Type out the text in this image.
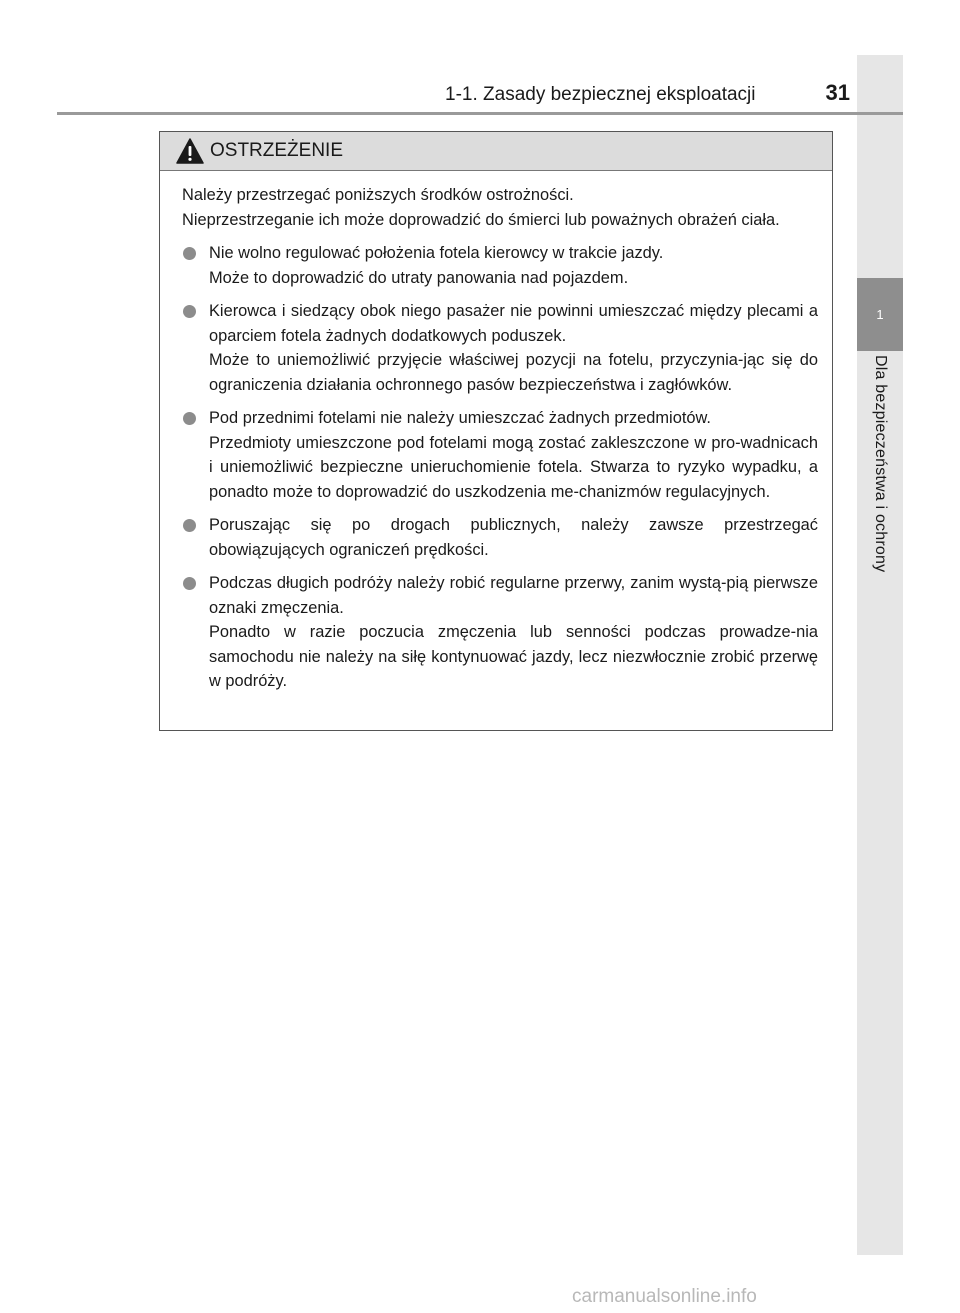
1
Dla bezpieczeństwa i ochrony
1-1. Zasady bezpiecznej eksploatacji	31
OSTRZEŻENIE

Należy przestrzegać poniższych środków ostrożności.
Nieprzestrzeganie ich może doprowadzić do śmierci lub poważnych obrażeń ciała.

Nie wolno regulować położenia fotela kierowcy w trakcie jazdy.

Może to doprowadzić do utraty panowania nad pojazdem.

Kierowca i siedzący obok niego pasażer nie powinni umieszczać między plecami a oparciem fotela żadnych dodatkowych poduszek.

Może to uniemożliwić przyjęcie właściwej pozycji na fotelu, przyczynia-jąc się do ograniczenia działania ochronnego pasów bezpieczeństwa i zagłówków.

Pod przednimi fotelami nie należy umieszczać żadnych przedmiotów.

Przedmioty umieszczone pod fotelami mogą zostać zakleszczone w pro-wadnicach i uniemożliwić bezpieczne unieruchomienie fotela. Stwarza to ryzyko wypadku, a ponadto może to doprowadzić do uszkodzenia me-chanizmów regulacyjnych.

Poruszając się po drogach publicznych, należy zawsze przestrzegać obowiązujących ograniczeń prędkości.

Podczas długich podróży należy robić regularne przerwy, zanim wystą-pią pierwsze oznaki zmęczenia.

Ponadto w razie poczucia zmęczenia lub senności podczas prowadze-nia samochodu nie należy na siłę kontynuować jazdy, lecz niezwłocznie zrobić przerwę w podróży.

carmanualsonline.info
